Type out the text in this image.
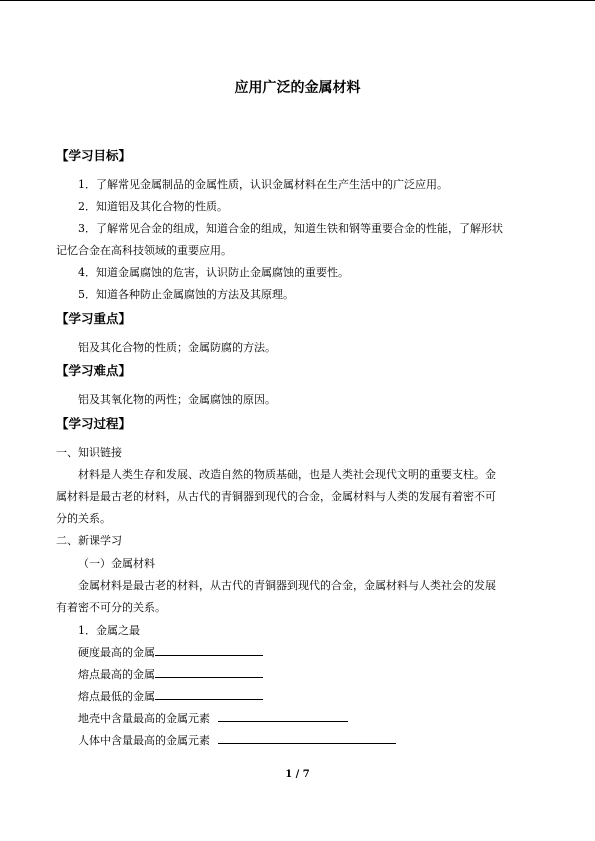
应用广泛的金属材料
【学习目标】
1．了解常见金属制品的金属性质，认识金属材料在生产生活中的广泛应用。
2．知道铝及其化合物的性质。
3．了解常见合金的组成，知道合金的组成，知道生铁和钢等重要合金的性能，了解形状
记忆合金在高科技领域的重要应用。
4．知道金属腐蚀的危害，认识防止金属腐蚀的重要性。
5．知道各种防止金属腐蚀的方法及其原理。
【学习重点】
铝及其化合物的性质；金属防腐的方法。
【学习难点】
铝及其氧化物的两性；金属腐蚀的原因。
【学习过程】
一、知识链接
材料是人类生存和发展、改造自然的物质基础，也是人类社会现代文明的重要支柱。金
属材料是最古老的材料，从古代的青铜器到现代的合金，金属材料与人类的发展有着密不可
分的关系。
二、新课学习
（一）金属材料
金属材料是最古老的材料，从古代的青铜器到现代的合金，金属材料与人类社会的发展
有着密不可分的关系。
1．金属之最
硬度最高的金属
熔点最高的金属
熔点最低的金属
地壳中含量最高的金属元素
人体中含量最高的金属元素
1 / 7
